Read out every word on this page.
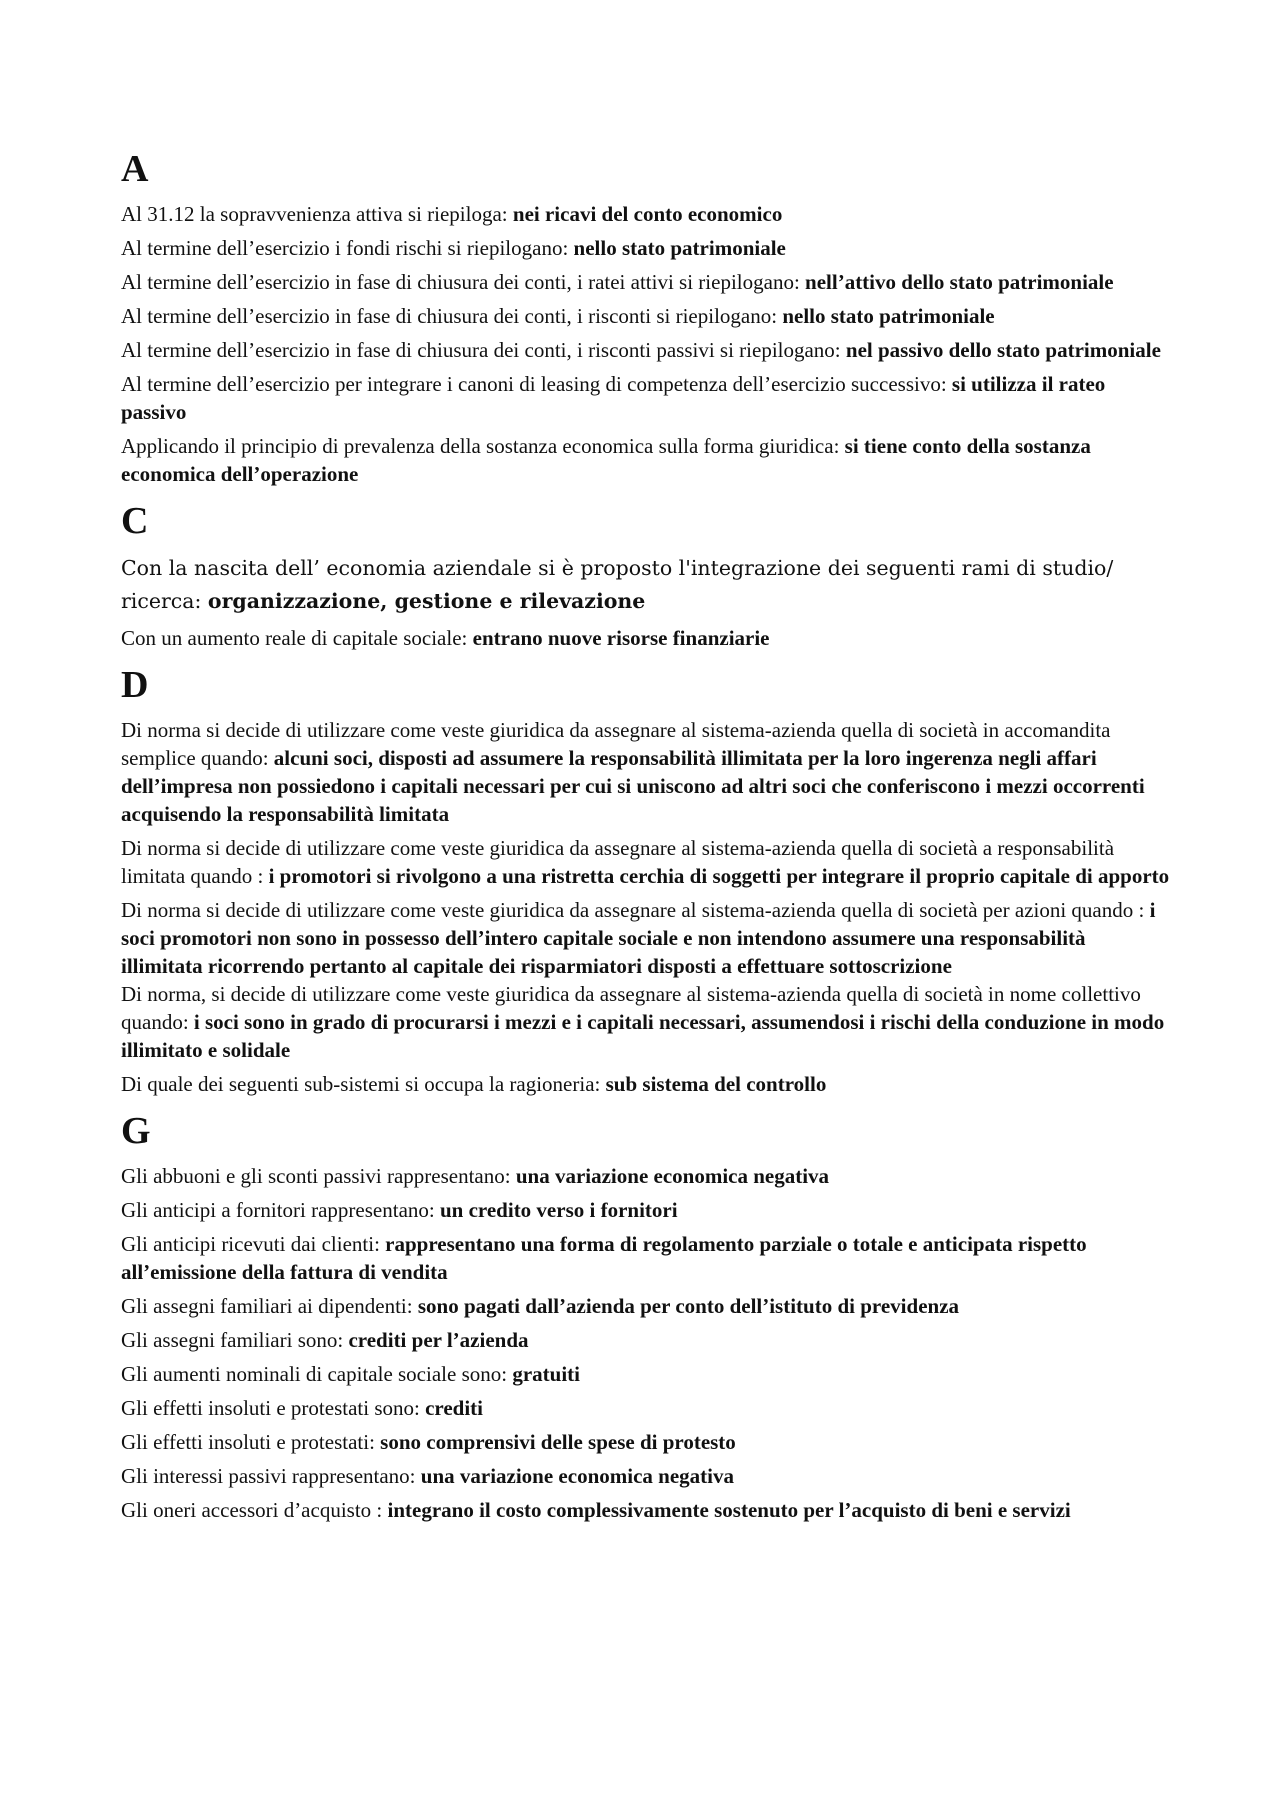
A

Al 31.12 la sopravvenienza attiva si riepiloga: nei ricavi del conto economico

Al termine dell’esercizio i fondi rischi si riepilogano: nello stato patrimoniale

Al termine dell’esercizio in fase di chiusura dei conti, i ratei attivi si riepilogano: nell’attivo dello stato patrimoniale

Al termine dell’esercizio in fase di chiusura dei conti, i risconti si riepilogano: nello stato patrimoniale

Al termine dell’esercizio in fase di chiusura dei conti, i risconti passivi si riepilogano: nel passivo dello stato patrimoniale

Al termine dell’esercizio per integrare i canoni di leasing di competenza dell’esercizio successivo: si utilizza il rateo passivo

Applicando il principio di prevalenza della sostanza economica sulla forma giuridica: si tiene conto della sostanza economica dell’operazione

C

Con la nascita dell’ economia aziendale si è proposto l'integrazione dei seguenti rami di studio/ ricerca: organizzazione, gestione e rilevazione

Con un aumento reale di capitale sociale: entrano nuove risorse finanziarie

D

Di norma si decide di utilizzare come veste giuridica da assegnare al sistema-azienda quella di società in accomandita semplice quando: alcuni soci, disposti ad assumere la responsabilità illimitata per la loro ingerenza negli affari dell’impresa non possiedono i capitali necessari per cui si uniscono ad altri soci che conferiscono i mezzi occorrenti acquisendo la responsabilità limitata

Di norma si decide di utilizzare come veste giuridica da assegnare al sistema-azienda quella di società a responsabilità limitata quando : i promotori si rivolgono a una ristretta cerchia di soggetti per integrare il proprio capitale di apporto

Di norma si decide di utilizzare come veste giuridica da assegnare al sistema-azienda quella di società per azioni quando : i soci promotori non sono in possesso dell’intero capitale sociale e non intendono assumere una responsabilità illimitata ricorrendo pertanto al capitale dei risparmiatori disposti a effettuare sottoscrizione

Di norma, si decide di utilizzare come veste giuridica da assegnare al sistema-azienda quella di società in nome collettivo quando: i soci sono in grado di procurarsi i mezzi e i capitali necessari, assumendosi i rischi della conduzione in modo illimitato e solidale

Di quale dei seguenti sub-sistemi si occupa la ragioneria: sub sistema del controllo

G

Gli abbuoni e gli sconti passivi rappresentano: una variazione economica negativa

Gli anticipi a fornitori rappresentano: un credito verso i fornitori

Gli anticipi ricevuti dai clienti: rappresentano una forma di regolamento parziale o totale e anticipata rispetto all’emissione della fattura di vendita

Gli assegni familiari ai dipendenti: sono pagati dall’azienda per conto dell’istituto di previdenza

Gli assegni familiari sono: crediti per l’azienda

Gli aumenti nominali di capitale sociale sono: gratuiti

Gli effetti insoluti e protestati sono: crediti

Gli effetti insoluti e protestati: sono comprensivi delle spese di protesto

Gli interessi passivi rappresentano: una variazione economica negativa

Gli oneri accessori d’acquisto : integrano il costo complessivamente sostenuto per l’acquisto di beni e servizi
